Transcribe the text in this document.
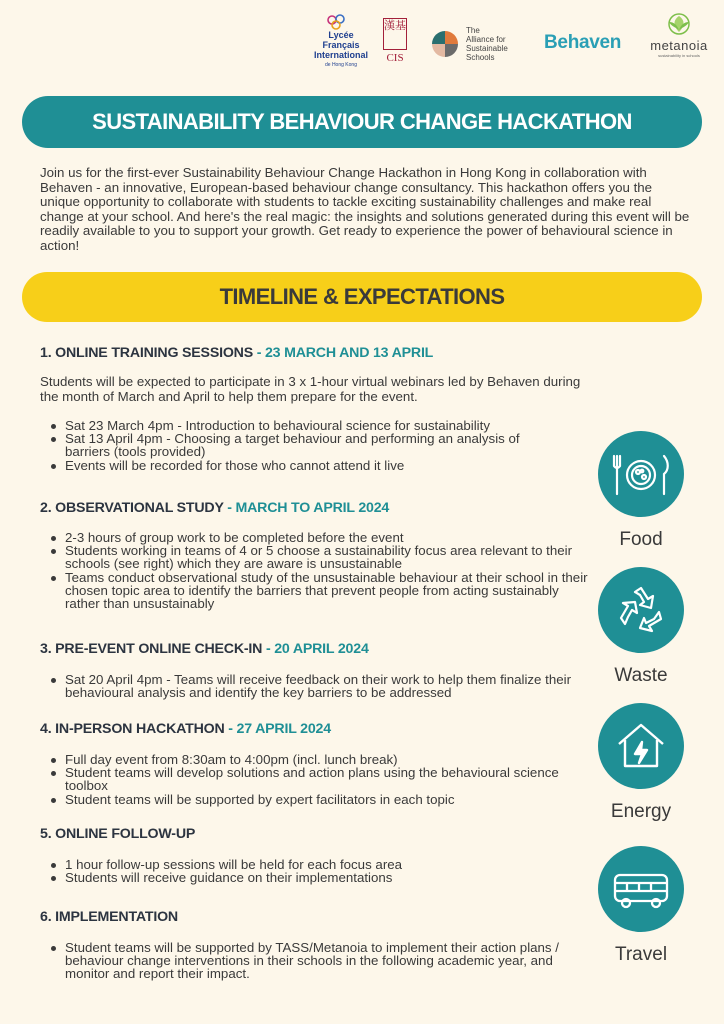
Lycée
Français
International
de Hong Kong
漢基
CIS
The
Alliance for
Sustainable
Schools
Behaven metanoia
sustainability in schools
SUSTAINABILITY BEHAVIOUR CHANGE HACKATHON
Join us for the first-ever Sustainability Behaviour Change Hackathon in Hong Kong in collaboration with Behaven - an innovative, European-based behaviour change consultancy. This hackathon offers you the unique opportunity to collaborate with students to tackle exciting sustainability challenges and make real change at your school. And here's the real magic: the insights and solutions generated during this event will be readily available to you to support your growth. Get ready to experience the power of behavioural science in action!
TIMELINE & EXPECTATIONS
1. ONLINE TRAINING SESSIONS - 23 MARCH AND 13 APRIL
Students will be expected to participate in 3 x 1-hour virtual webinars led by Behaven during the month of March and April to help them prepare for the event.
Sat 23 March 4pm - Introduction to behavioural science for sustainability
Sat 13 April 4pm - Choosing a target behaviour and performing an analysis of barriers (tools provided)
Events will be recorded for those who cannot attend it live
2. OBSERVATIONAL STUDY - MARCH TO APRIL 2024
2-3 hours of group work to be completed before the event
Students working in teams of 4 or 5 choose a sustainability focus area relevant to their schools (see right) which they are aware is unsustainable
Teams conduct observational study of the unsustainable behaviour at their school in their chosen topic area to identify the barriers that prevent people from acting sustainably rather than unsustainably
3. PRE-EVENT ONLINE CHECK-IN - 20 APRIL 2024
Sat 20 April 4pm - Teams will receive feedback on their work to help them finalize their behavioural analysis and identify the key barriers to be addressed
4. IN-PERSON HACKATHON - 27 APRIL 2024
Full day event from 8:30am to 4:00pm (incl. lunch break)
Student teams will develop solutions and action plans using the behavioural science toolbox
Student teams will be supported by expert facilitators in each topic
5. ONLINE FOLLOW-UP
1 hour follow-up sessions will be held for each focus area
Students will receive guidance on their implementations
6. IMPLEMENTATION
Student teams will be supported by TASS/Metanoia to implement their action plans / behaviour change interventions in their schools in the following academic year, and monitor and report their impact.
Food
Waste
Energy
Travel
